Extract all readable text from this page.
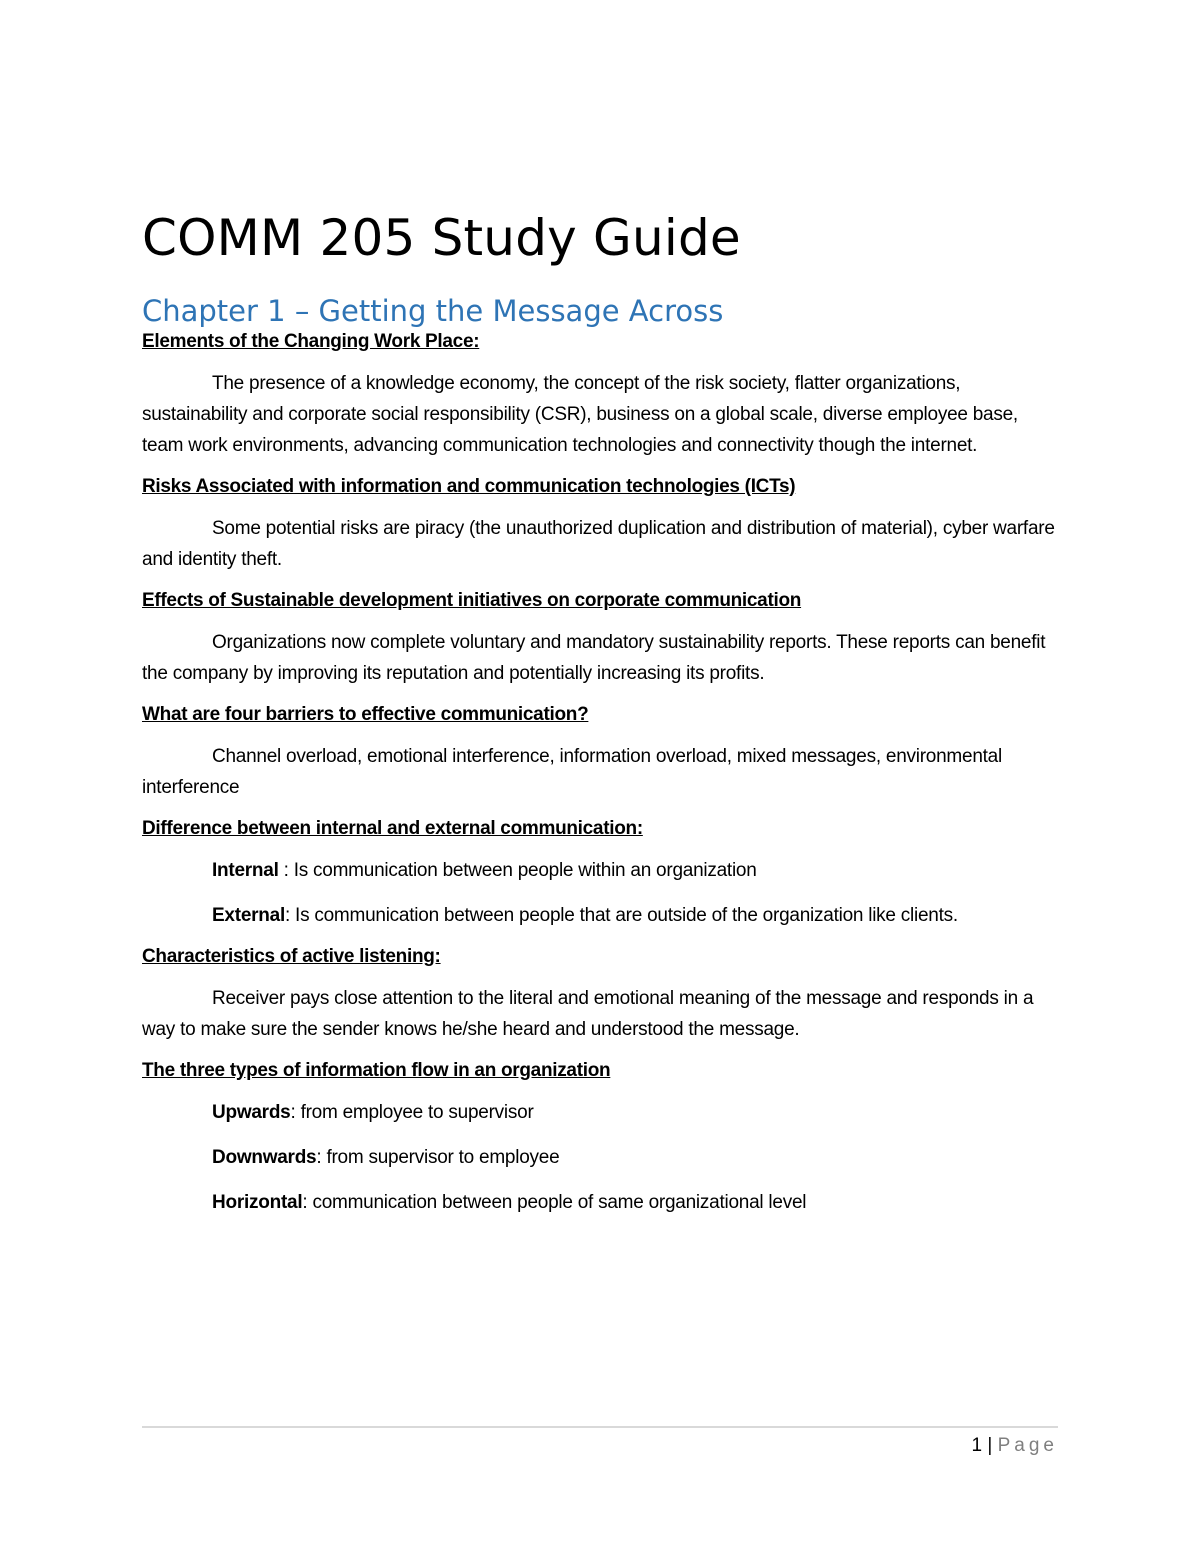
COMM 205 Study Guide
Chapter 1 – Getting the Message Across

Elements of the Changing Work Place:

The presence of a knowledge economy, the concept of the risk society, flatter organizations, sustainability and corporate social responsibility (CSR), business on a global scale, diverse employee base, team work environments, advancing communication technologies and connectivity though the internet.

Risks Associated with information and communication technologies (ICTs)

Some potential risks are piracy (the unauthorized duplication and distribution of material), cyber warfare and identity theft.

Effects of Sustainable development initiatives on corporate communication

Organizations now complete voluntary and mandatory sustainability reports. These reports can benefit the company by improving its reputation and potentially increasing its profits.

What are four barriers to effective communication?

Channel overload, emotional interference, information overload, mixed messages, environmental interference

Difference between internal and external communication:

Internal : Is communication between people within an organization

External: Is communication between people that are outside of the organization like clients.

Characteristics of active listening:

Receiver pays close attention to the literal and emotional meaning of the message and responds in a way to make sure the sender knows he/she heard and understood the message.

The three types of information flow in an organization

Upwards: from employee to supervisor

Downwards: from supervisor to employee

Horizontal: communication between people of same organizational level

1 | Page
